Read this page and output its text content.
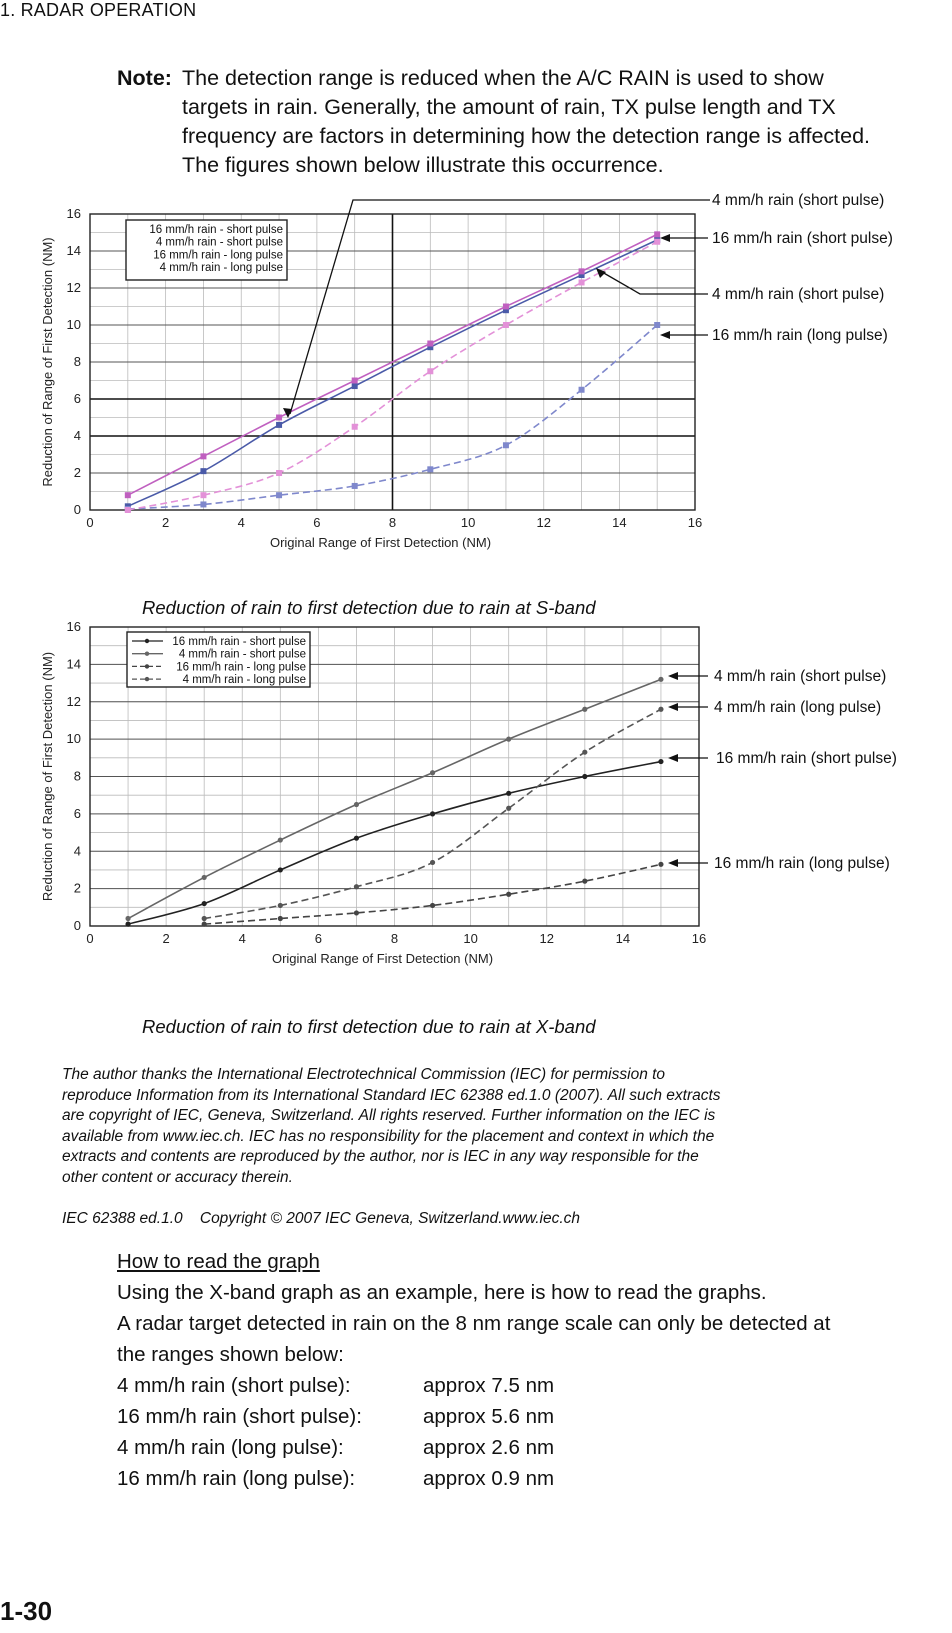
1. RADAR OPERATION
Note: The detection range is reduced when the A/C RAIN is used to show
targets in rain. Generally, the amount of rain, TX pulse length and TX
frequency are factors in determining how the detection range is affected.
The figures shown below illustrate this occurrence.
0	2	4	6	8	10	12	14	16
0
2
4
6
8
10
12
14
16
Original Range of First Detection (NM)
Reduction of Range of First Detection (NM)
16 mm/h rain - short pulse
4 mm/h rain - short pulse
16 mm/h rain - long pulse
4 mm/h rain - long pulse
4 mm/h rain (short pulse)
16 mm/h rain (short pulse)
4 mm/h rain (short pulse)
16 mm/h rain (long pulse)
Reduction of rain to first detection due to rain at S-band
0	2	4	6	8	10	12	14	16
0
2
4
6
8
10
12
14
16
Original Range of First Detection (NM)
Reduction of Range of First Detection (NM)
16 mm/h rain - short pulse
4 mm/h rain - short pulse
16 mm/h rain - long pulse
4 mm/h rain - long pulse	4 mm/h rain (short pulse)
4 mm/h rain (long pulse)
16 mm/h rain (short pulse)
16 mm/h rain (long pulse)
Reduction of rain to first detection due to rain at X-band
The author thanks the International Electrotechnical Commission (IEC) for permission to
reproduce Information from its International Standard IEC 62388 ed.1.0 (2007). All such extracts
are copyright of IEC, Geneva, Switzerland. All rights reserved. Further information on the IEC is
available from www.iec.ch. IEC has no responsibility for the placement and context in which the
extracts and contents are reproduced by the author, nor is IEC in any way responsible for the
other content or accuracy therein.
IEC 62388 ed.1.0    Copyright © 2007 IEC Geneva, Switzerland.www.iec.ch
How to read the graph
Using the X-band graph as an example, here is how to read the graphs.
A radar target detected in rain on the 8 nm range scale can only be detected at
the ranges shown below:
4 mm/h rain (short pulse):	approx 7.5 nm
16 mm/h rain (short pulse):	approx 5.6 nm
4 mm/h rain (long pulse):	approx 2.6 nm
16 mm/h rain (long pulse):	approx 0.9 nm
1-30
